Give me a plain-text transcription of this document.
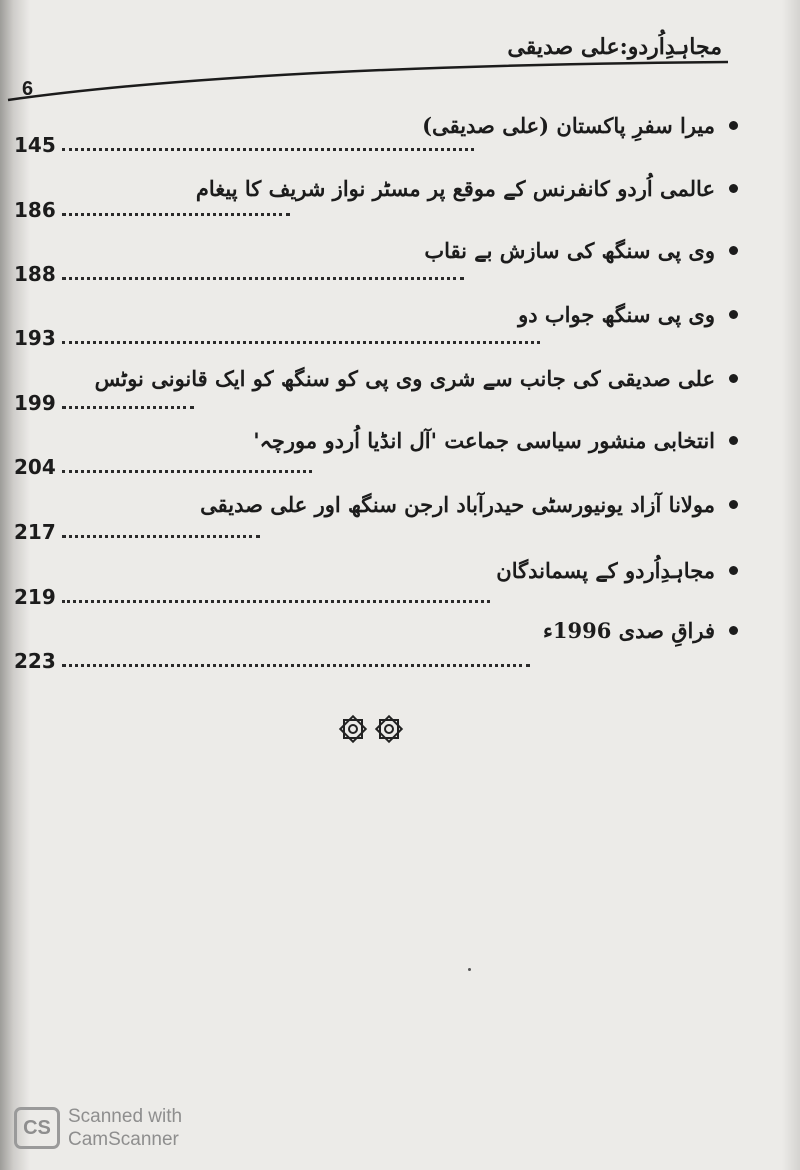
مجاہدِاُردو:علی صدیقی
6
میرا سفرِ پاکستان (علی صدیقی)
عالمی اُردو کانفرنس کے موقع پر مسٹر نواز شریف کا پیغام
وی پی سنگھ کی سازش بے نقاب
وی پی سنگھ جواب دو
علی صدیقی کی جانب سے شری وی پی کو سنگھ کو ایک قانونی نوٹس
انتخابی منشور سیاسی جماعت 'آل انڈیا اُردو مورچہ'
مولانا آزاد یونیورسٹی حیدرآباد ارجن سنگھ اور علی صدیقی
مجاہدِاُردو کے پسماندگان
فراقِ صدی 1996ء
145
186
188
193
199
204
217
219
223
CS Scanned with
CamScanner
